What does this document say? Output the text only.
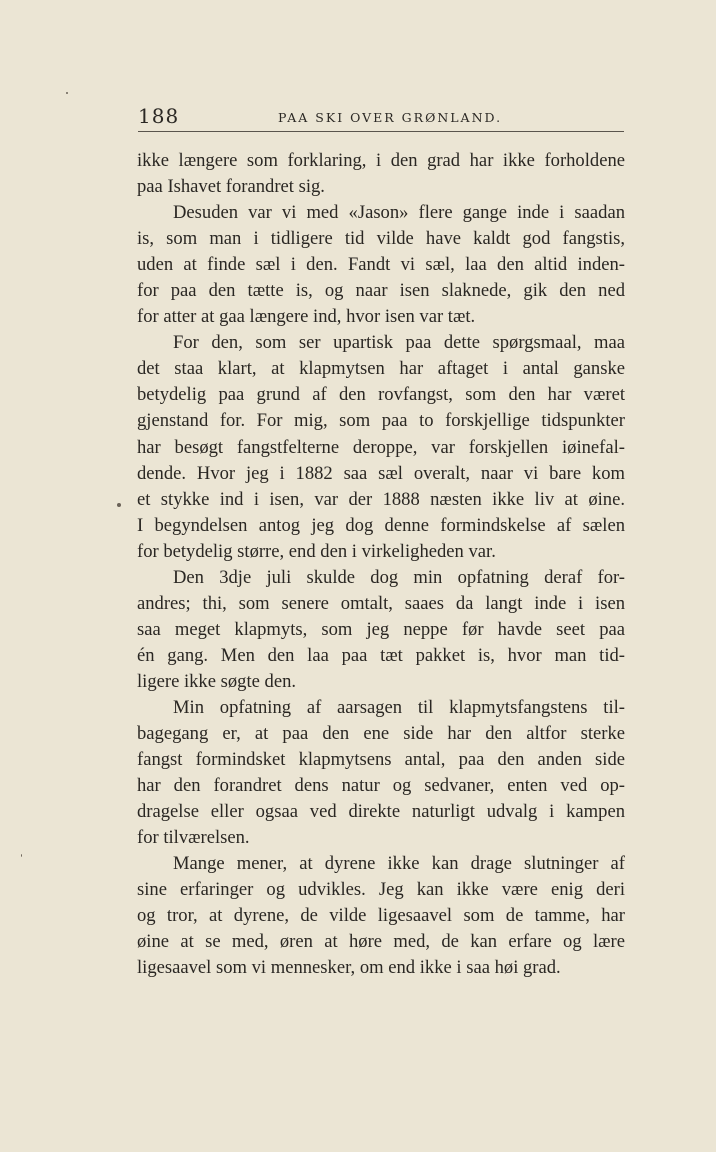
188	PAA SKI OVER GRØNLAND.
ikke længere som forklaring, i den grad har ikke forholdene
paa Ishavet forandret sig.
Desuden var vi med «Jason» flere gange inde i saadan
is, som man i tidligere tid vilde have kaldt god fangstis,
uden at finde sæl i den. Fandt vi sæl, laa den altid inden-
for paa den tætte is, og naar isen slaknede, gik den ned
for atter at gaa længere ind, hvor isen var tæt.
For den, som ser upartisk paa dette spørgsmaal, maa
det staa klart, at klapmytsen har aftaget i antal ganske
betydelig paa grund af den rovfangst, som den har været
gjenstand for. For mig, som paa to forskjellige tidspunkter
har besøgt fangstfelterne deroppe, var forskjellen iøinefal-
dende. Hvor jeg i 1882 saa sæl overalt, naar vi bare kom
et stykke ind i isen, var der 1888 næsten ikke liv at øine.
I begyndelsen antog jeg dog denne formindskelse af sælen
for betydelig større, end den i virkeligheden var.
Den 3dje juli skulde dog min opfatning deraf for-
andres; thi, som senere omtalt, saaes da langt inde i isen
saa meget klapmyts, som jeg neppe før havde seet paa
én gang. Men den laa paa tæt pakket is, hvor man tid-
ligere ikke søgte den.
Min opfatning af aarsagen til klapmytsfangstens til-
bagegang er, at paa den ene side har den altfor sterke
fangst formindsket klapmytsens antal, paa den anden side
har den forandret dens natur og sedvaner, enten ved op-
dragelse eller ogsaa ved direkte naturligt udvalg i kampen
for tilværelsen.
Mange mener, at dyrene ikke kan drage slutninger af
sine erfaringer og udvikles. Jeg kan ikke være enig deri
og tror, at dyrene, de vilde ligesaavel som de tamme, har
øine at se med, øren at høre med, de kan erfare og lære
ligesaavel som vi mennesker, om end ikke i saa høi grad.
